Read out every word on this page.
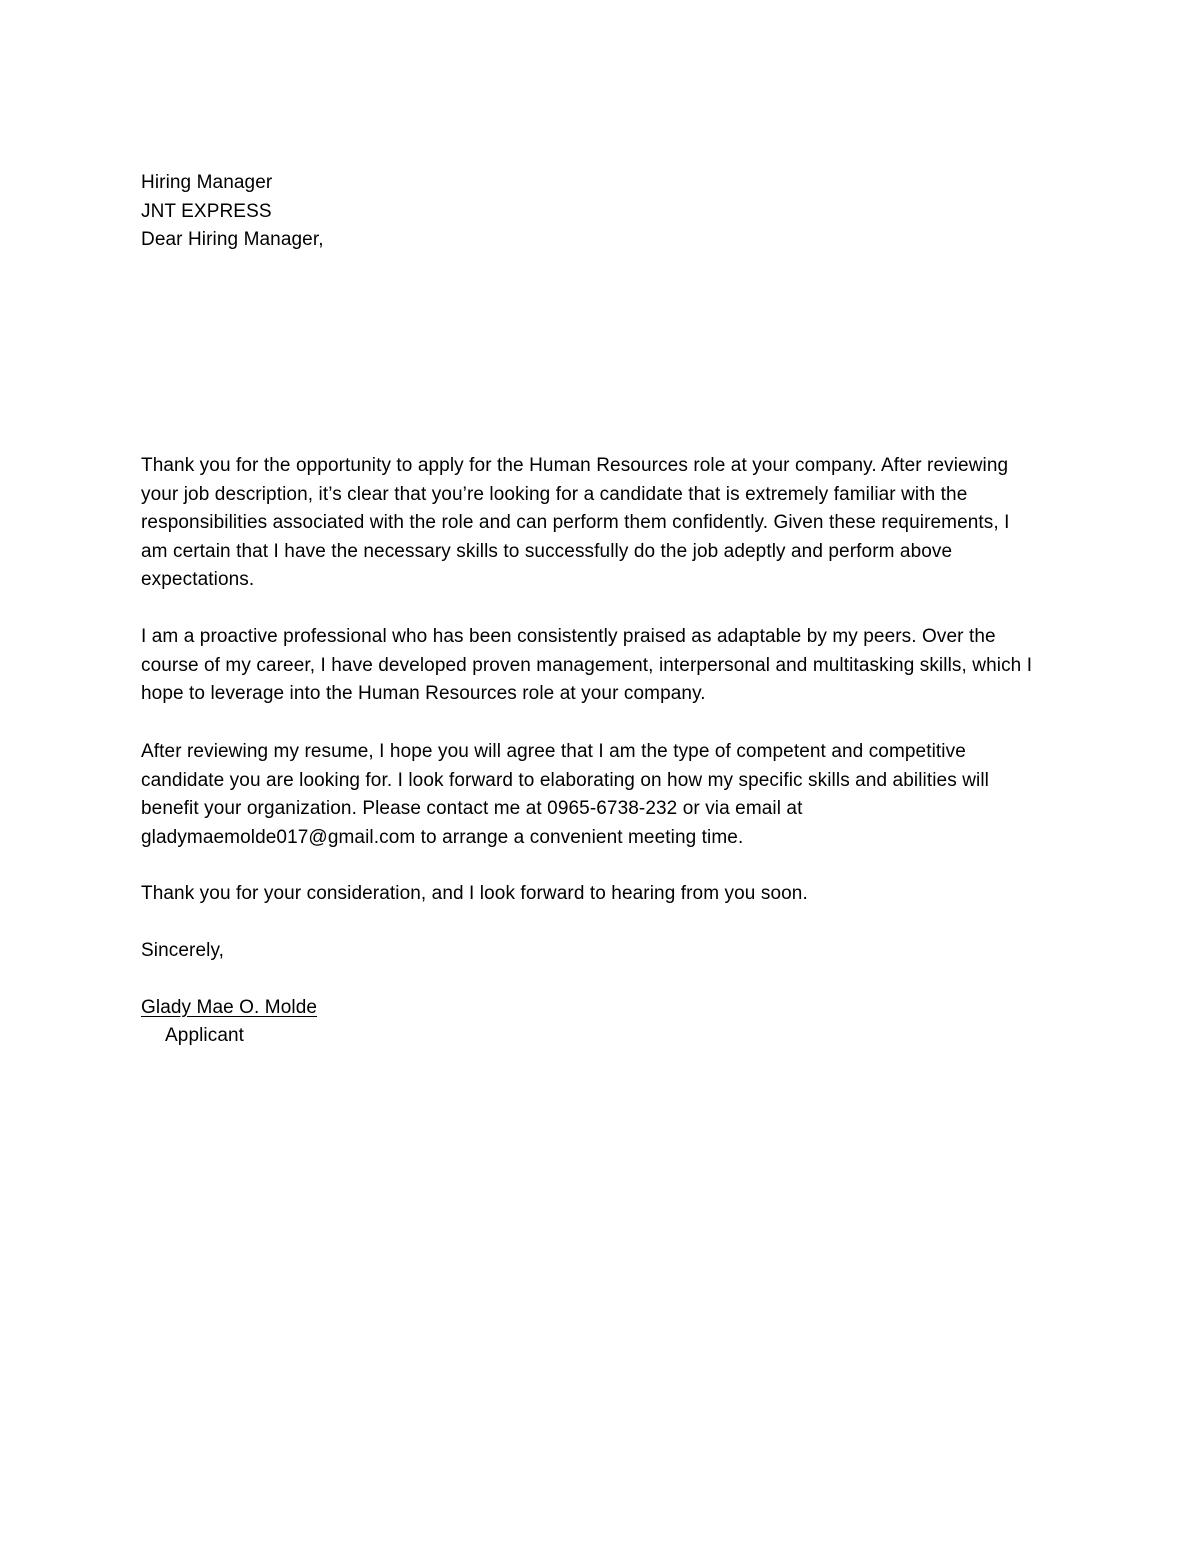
Hiring Manager
JNT EXPRESS
Dear Hiring Manager,
Thank you for the opportunity to apply for the Human Resources role at your company. After reviewing
your job description, it’s clear that you’re looking for a candidate that is extremely familiar with the
responsibilities associated with the role and can perform them confidently. Given these requirements, I
am certain that I have the necessary skills to successfully do the job adeptly and perform above
expectations.
I am a proactive professional who has been consistently praised as adaptable by my peers. Over the
course of my career, I have developed proven management, interpersonal and multitasking skills, which I
hope to leverage into the Human Resources role at your company.
After reviewing my resume, I hope you will agree that I am the type of competent and competitive
candidate you are looking for. I look forward to elaborating on how my specific skills and abilities will
benefit your organization. Please contact me at 0965-6738-232 or via email at
gladymaemolde017@gmail.com to arrange a convenient meeting time.
Thank you for your consideration, and I look forward to hearing from you soon.
Sincerely,
Glady Mae O. Molde
Applicant
